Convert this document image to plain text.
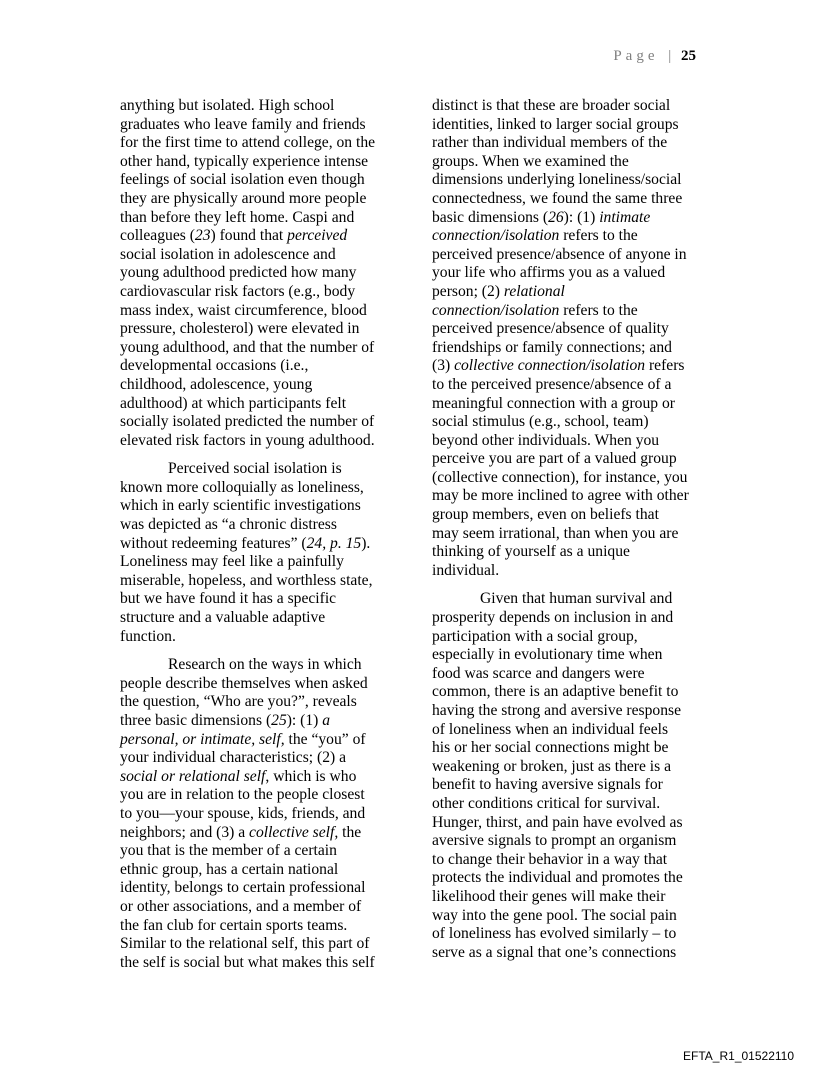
Page | 25

anything but isolated. High school
graduates who leave family and friends
for the first time to attend college, on the
other hand, typically experience intense
feelings of social isolation even though
they are physically around more people
than before they left home. Caspi and
colleagues (23) found that perceived
social isolation in adolescence and
young adulthood predicted how many
cardiovascular risk factors (e.g., body
mass index, waist circumference, blood
pressure, cholesterol) were elevated in
young adulthood, and that the number of
developmental occasions (i.e.,
childhood, adolescence, young
adulthood) at which participants felt
socially isolated predicted the number of
elevated risk factors in young adulthood.

Perceived social isolation is
known more colloquially as loneliness,
which in early scientific investigations
was depicted as “a chronic distress
without redeeming features” (24, p. 15).
Loneliness may feel like a painfully
miserable, hopeless, and worthless state,
but we have found it has a specific
structure and a valuable adaptive
function.

Research on the ways in which
people describe themselves when asked
the question, “Who are you?”, reveals
three basic dimensions (25): (1) a
personal, or intimate, self, the “you” of
your individual characteristics; (2) a
social or relational self, which is who
you are in relation to the people closest
to you—your spouse, kids, friends, and
neighbors; and (3) a collective self, the
you that is the member of a certain
ethnic group, has a certain national
identity, belongs to certain professional
or other associations, and a member of
the fan club for certain sports teams.
Similar to the relational self, this part of
the self is social but what makes this self

distinct is that these are broader social
identities, linked to larger social groups
rather than individual members of the
groups. When we examined the
dimensions underlying loneliness/social
connectedness, we found the same three
basic dimensions (26): (1) intimate
connection/isolation refers to the
perceived presence/absence of anyone in
your life who affirms you as a valued
person; (2) relational
connection/isolation refers to the
perceived presence/absence of quality
friendships or family connections; and
(3) collective connection/isolation refers
to the perceived presence/absence of a
meaningful connection with a group or
social stimulus (e.g., school, team)
beyond other individuals. When you
perceive you are part of a valued group
(collective connection), for instance, you
may be more inclined to agree with other
group members, even on beliefs that
may seem irrational, than when you are
thinking of yourself as a unique
individual.

Given that human survival and
prosperity depends on inclusion in and
participation with a social group,
especially in evolutionary time when
food was scarce and dangers were
common, there is an adaptive benefit to
having the strong and aversive response
of loneliness when an individual feels
his or her social connections might be
weakening or broken, just as there is a
benefit to having aversive signals for
other conditions critical for survival.
Hunger, thirst, and pain have evolved as
aversive signals to prompt an organism
to change their behavior in a way that
protects the individual and promotes the
likelihood their genes will make their
way into the gene pool. The social pain
of loneliness has evolved similarly – to
serve as a signal that one’s connections

EFTA_R1_01522110
